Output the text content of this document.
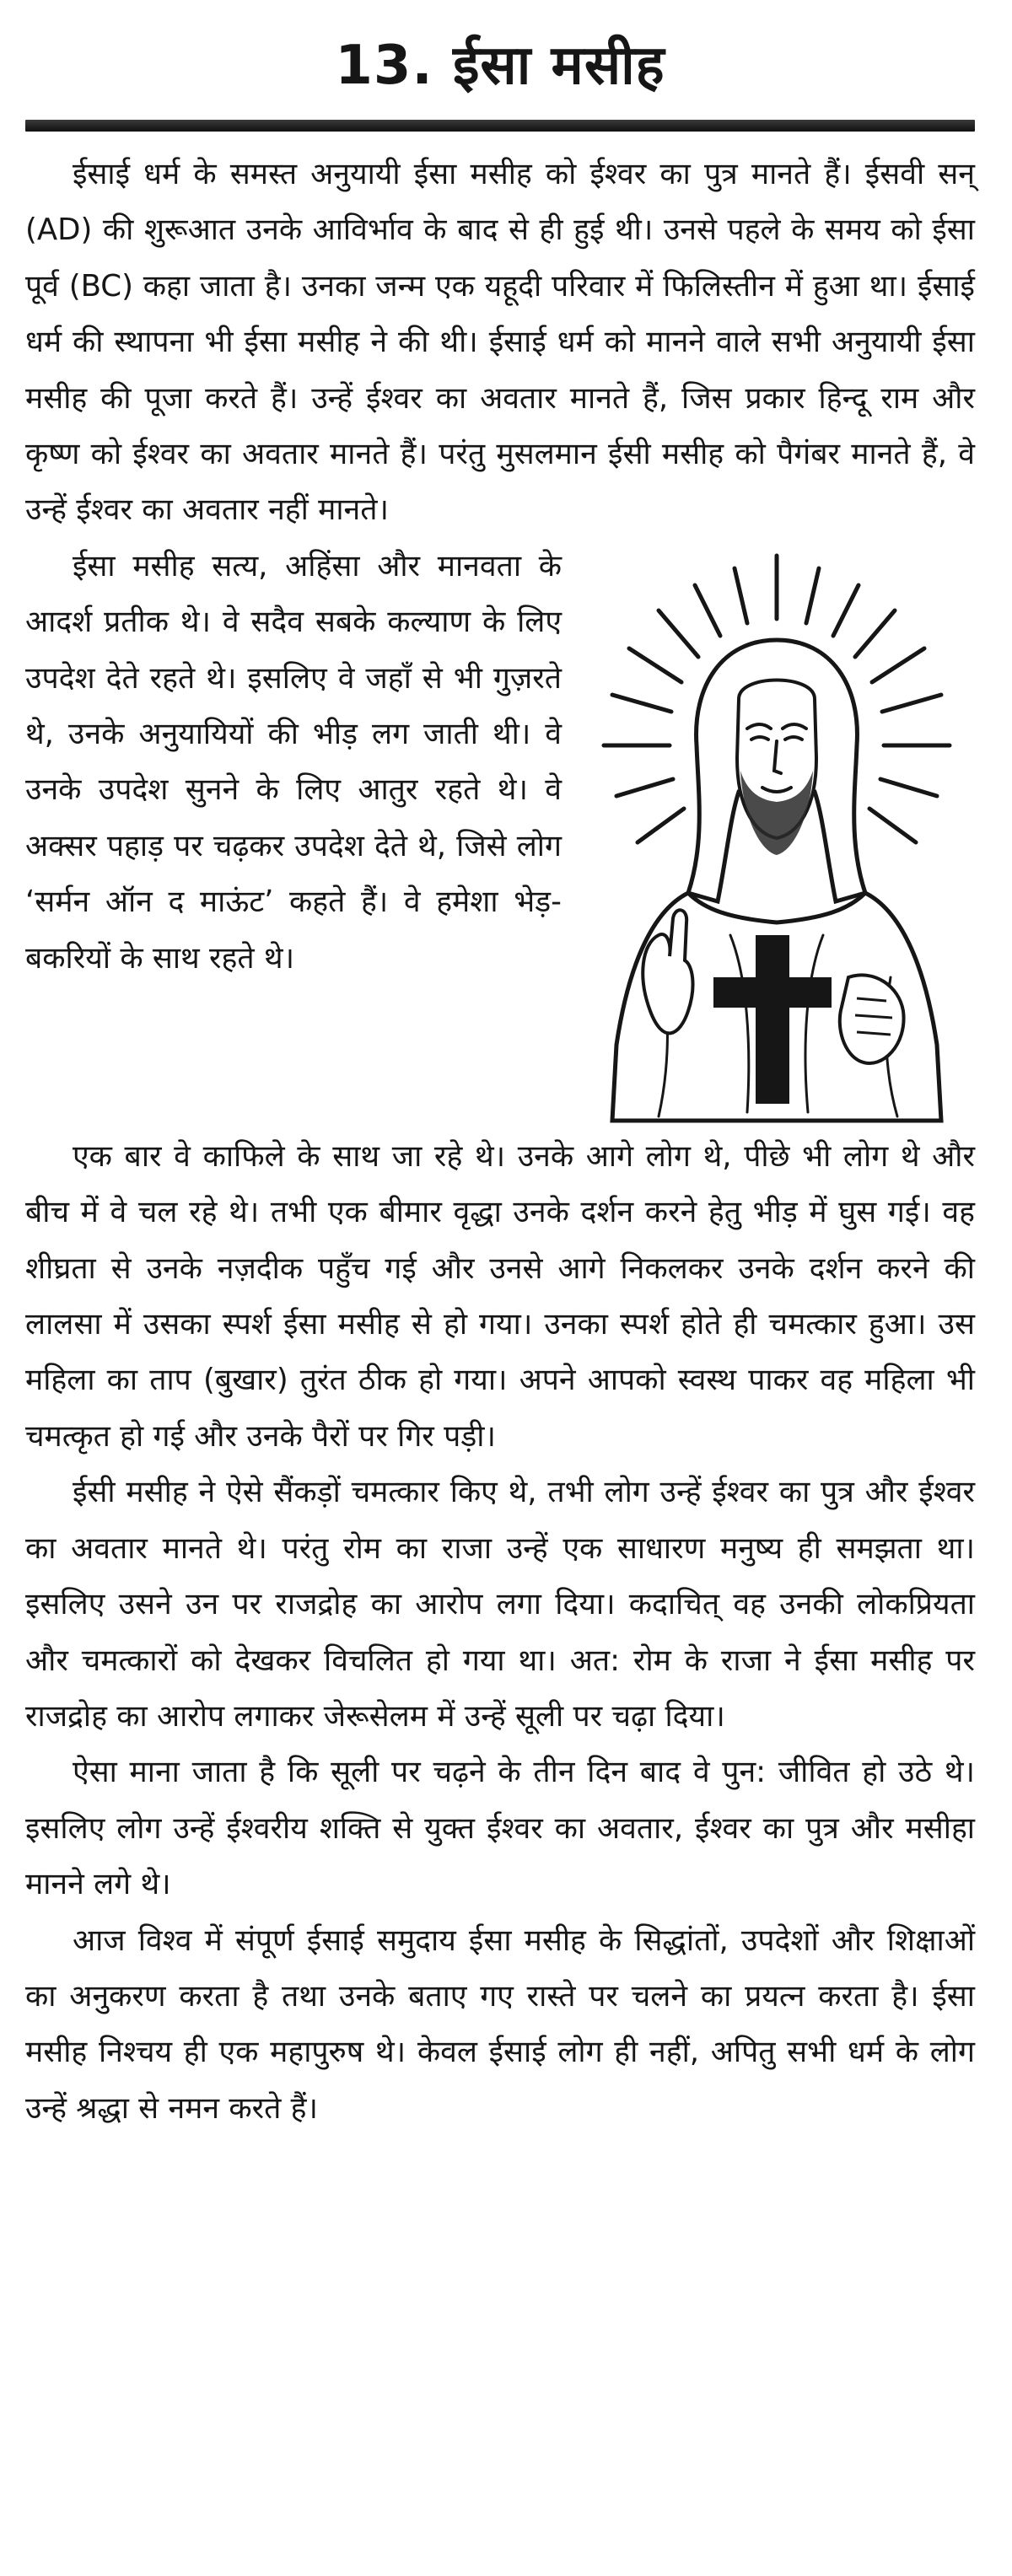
13. ईसा मसीह

ईसाई धर्म के समस्त अनुयायी ईसा मसीह को ईश्वर का पुत्र मानते हैं। ईसवी सन् (AD) की शुरूआत उनके आविर्भाव के बाद से ही हुई थी। उनसे पहले के समय को ईसा पूर्व (BC) कहा जाता है। उनका जन्म एक यहूदी परिवार में फिलिस्तीन में हुआ था। ईसाई धर्म की स्थापना भी ईसा मसीह ने की थी। ईसाई धर्म को मानने वाले सभी अनुयायी ईसा मसीह की पूजा करते हैं। उन्हें ईश्वर का अवतार मानते हैं, जिस प्रकार हिन्दू राम और कृष्ण को ईश्वर का अवतार मानते हैं। परंतु मुसलमान ईसी मसीह को पैगंबर मानते हैं, वे उन्हें ईश्वर का अवतार नहीं मानते।

ईसा मसीह सत्य, अहिंसा और मानवता के आदर्श प्रतीक थे। वे सदैव सबके कल्याण के लिए उपदेश देते रहते थे। इसलिए वे जहाँ से भी गुज़रते थे, उनके अनुयायियों की भीड़ लग जाती थी। वे उनके उपदेश सुनने के लिए आतुर रहते थे। वे अक्सर पहाड़ पर चढ़कर उपदेश देते थे, जिसे लोग ‘सर्मन ऑन द माऊंट’ कहते हैं। वे हमेशा भेड़-बकरियों के साथ रहते थे।

एक बार वे काफिले के साथ जा रहे थे। उनके आगे लोग थे, पीछे भी लोग थे और बीच में वे चल रहे थे। तभी एक बीमार वृद्धा उनके दर्शन करने हेतु भीड़ में घुस गई। वह शीघ्रता से उनके नज़दीक पहुँच गई और उनसे आगे निकलकर उनके दर्शन करने की लालसा में उसका स्पर्श ईसा मसीह से हो गया। उनका स्पर्श होते ही चमत्कार हुआ। उस महिला का ताप (बुखार) तुरंत ठीक हो गया। अपने आपको स्वस्थ पाकर वह महिला भी चमत्कृत हो गई और उनके पैरों पर गिर पड़ी।

ईसी मसीह ने ऐसे सैंकड़ों चमत्कार किए थे, तभी लोग उन्हें ईश्वर का पुत्र और ईश्वर का अवतार मानते थे। परंतु रोम का राजा उन्हें एक साधारण मनुष्य ही समझता था। इसलिए उसने उन पर राजद्रोह का आरोप लगा दिया। कदाचित् वह उनकी लोकप्रियता और चमत्कारों को देखकर विचलित हो गया था। अत: रोम के राजा ने ईसा मसीह पर राजद्रोह का आरोप लगाकर जेरूसेलम में उन्हें सूली पर चढ़ा दिया।

ऐसा माना जाता है कि सूली पर चढ़ने के तीन दिन बाद वे पुन: जीवित हो उठे थे। इसलिए लोग उन्हें ईश्वरीय शक्ति से युक्त ईश्वर का अवतार, ईश्वर का पुत्र और मसीहा मानने लगे थे।

आज विश्व में संपूर्ण ईसाई समुदाय ईसा मसीह के सिद्धांतों, उपदेशों और शिक्षाओं का अनुकरण करता है तथा उनके बताए गए रास्ते पर चलने का प्रयत्न करता है। ईसा मसीह निश्चय ही एक महापुरुष थे। केवल ईसाई लोग ही नहीं, अपितु सभी धर्म के लोग उन्हें श्रद्धा से नमन करते हैं।
